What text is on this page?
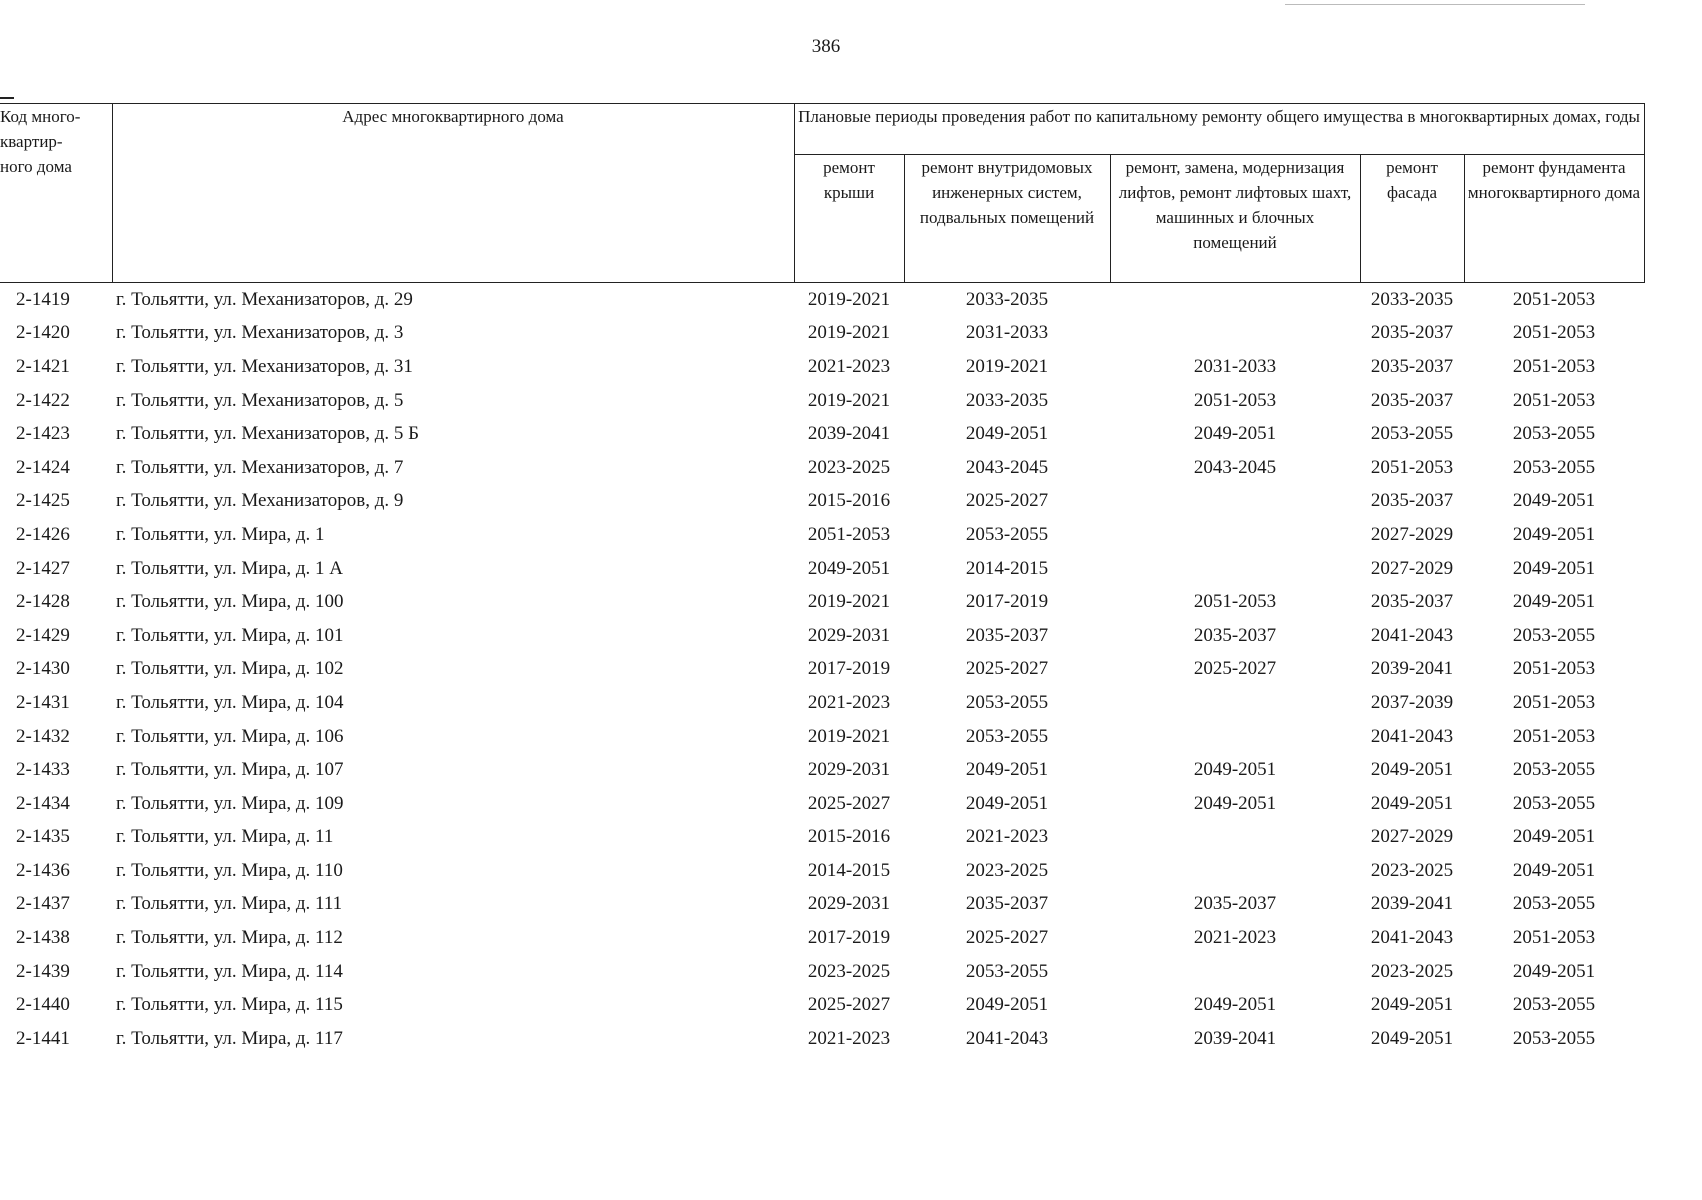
386
Код много-
квартир-
ного дома	Адрес многоквартирного дома	Плановые периоды проведения работ по капитальному ремонту общего имущества в многоквартирных домах, годы				
		ремонт крыши	ремонт внутридомовых инженерных систем, подвальных помещений	ремонт, замена, модернизация лифтов, ремонт лифтовых шахт, машинных и блочных помещений	ремонт фасада	ремонт фундамента многоквартирного дома
2-1419	г. Тольятти, ул. Механизаторов, д. 29	2019-2021	2033-2035		2033-2035	2051-2053
2-1420	г. Тольятти, ул. Механизаторов, д. 3	2019-2021	2031-2033		2035-2037	2051-2053
2-1421	г. Тольятти, ул. Механизаторов, д. 31	2021-2023	2019-2021	2031-2033	2035-2037	2051-2053
2-1422	г. Тольятти, ул. Механизаторов, д. 5	2019-2021	2033-2035	2051-2053	2035-2037	2051-2053
2-1423	г. Тольятти, ул. Механизаторов, д. 5 Б	2039-2041	2049-2051	2049-2051	2053-2055	2053-2055
2-1424	г. Тольятти, ул. Механизаторов, д. 7	2023-2025	2043-2045	2043-2045	2051-2053	2053-2055
2-1425	г. Тольятти, ул. Механизаторов, д. 9	2015-2016	2025-2027		2035-2037	2049-2051
2-1426	г. Тольятти, ул. Мира, д. 1	2051-2053	2053-2055		2027-2029	2049-2051
2-1427	г. Тольятти, ул. Мира, д. 1 А	2049-2051	2014-2015		2027-2029	2049-2051
2-1428	г. Тольятти, ул. Мира, д. 100	2019-2021	2017-2019	2051-2053	2035-2037	2049-2051
2-1429	г. Тольятти, ул. Мира, д. 101	2029-2031	2035-2037	2035-2037	2041-2043	2053-2055
2-1430	г. Тольятти, ул. Мира, д. 102	2017-2019	2025-2027	2025-2027	2039-2041	2051-2053
2-1431	г. Тольятти, ул. Мира, д. 104	2021-2023	2053-2055		2037-2039	2051-2053
2-1432	г. Тольятти, ул. Мира, д. 106	2019-2021	2053-2055		2041-2043	2051-2053
2-1433	г. Тольятти, ул. Мира, д. 107	2029-2031	2049-2051	2049-2051	2049-2051	2053-2055
2-1434	г. Тольятти, ул. Мира, д. 109	2025-2027	2049-2051	2049-2051	2049-2051	2053-2055
2-1435	г. Тольятти, ул. Мира, д. 11	2015-2016	2021-2023		2027-2029	2049-2051
2-1436	г. Тольятти, ул. Мира, д. 110	2014-2015	2023-2025		2023-2025	2049-2051
2-1437	г. Тольятти, ул. Мира, д. 111	2029-2031	2035-2037	2035-2037	2039-2041	2053-2055
2-1438	г. Тольятти, ул. Мира, д. 112	2017-2019	2025-2027	2021-2023	2041-2043	2051-2053
2-1439	г. Тольятти, ул. Мира, д. 114	2023-2025	2053-2055		2023-2025	2049-2051
2-1440	г. Тольятти, ул. Мира, д. 115	2025-2027	2049-2051	2049-2051	2049-2051	2053-2055
2-1441	г. Тольятти, ул. Мира, д. 117	2021-2023	2041-2043	2039-2041	2049-2051	2053-2055
